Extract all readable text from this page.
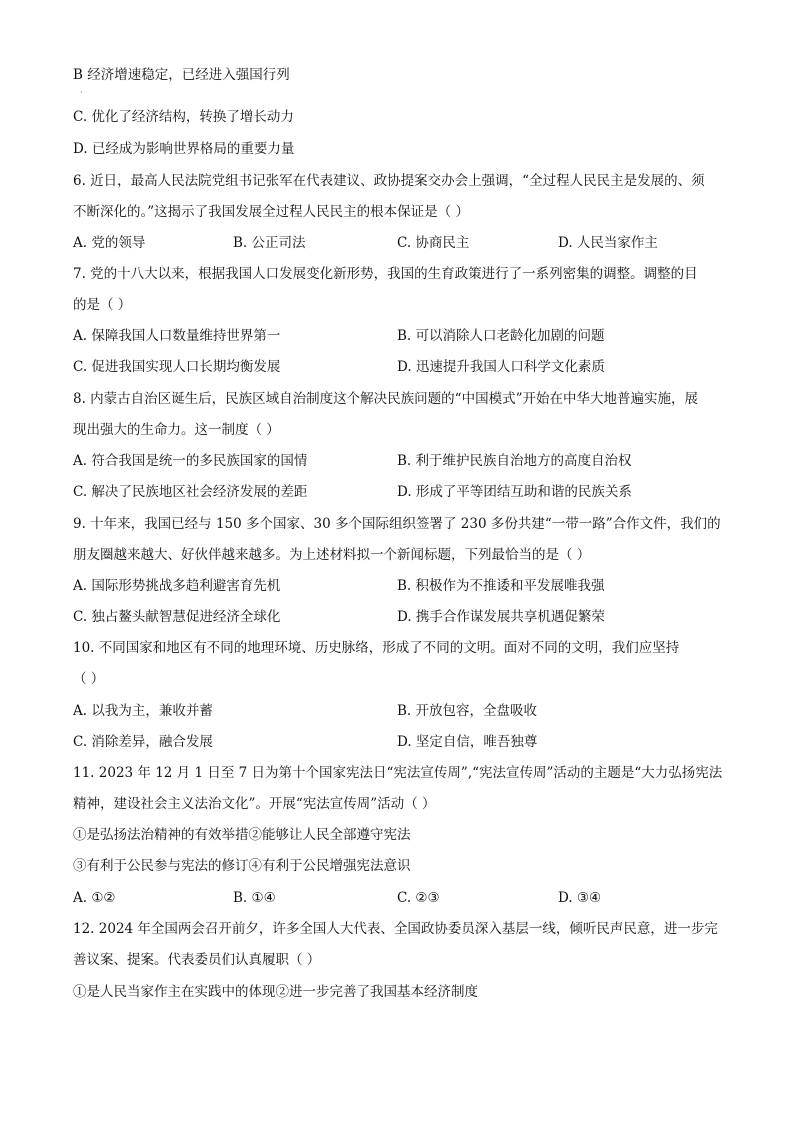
B 经济增速稳定，已经进入强国行列
·
C. 优化了经济结构，转换了增长动力
D. 已经成为影响世界格局的重要力量
6. 近日，最高人民法院党组书记张军在代表建议、政协提案交办会上强调，“全过程人民民主是发展的、须
不断深化的。”这揭示了我国发展全过程人民民主的根本保证是（ ）
A. 党的领导	B. 公正司法	C. 协商民主	D. 人民当家作主
7. 党的十八大以来，根据我国人口发展变化新形势，我国的生育政策进行了一系列密集的调整。调整的目
的是（ ）
A. 保障我国人口数量维持世界第一	B. 可以消除人口老龄化加剧的问题
C. 促进我国实现人口长期均衡发展	D. 迅速提升我国人口科学文化素质
8. 内蒙古自治区诞生后，民族区域自治制度这个解决民族问题的“中国模式”开始在中华大地普遍实施，展
现出强大的生命力。这一制度（ ）
A. 符合我国是统一的多民族国家的国情	B. 利于维护民族自治地方的高度自治权
C. 解决了民族地区社会经济发展的差距	D. 形成了平等团结互助和谐的民族关系
9. 十年来，我国已经与 150 多个国家、30 多个国际组织签署了 230 多份共建“一带一路”合作文件，我们的
朋友圈越来越大、好伙伴越来越多。为上述材料拟一个新闻标题，下列最恰当的是（ ）
A. 国际形势挑战多趋利避害育先机	B. 积极作为不推诿和平发展唯我强
C. 独占鳌头献智慧促进经济全球化	D. 携手合作谋发展共享机遇促繁荣
10. 不同国家和地区有不同的地理环境、历史脉络，形成了不同的文明。面对不同的文明，我们应坚持
（ ）
A. 以我为主，兼收并蓄	B. 开放包容，全盘吸收
C. 消除差异，融合发展	D. 坚定自信，唯吾独尊
11. 2023 年 12 月 1 日至 7 日为第十个国家宪法日“宪法宣传周”,“宪法宣传周”活动的主题是“大力弘扬宪法
精神，建设社会主义法治文化”。开展“宪法宣传周”活动（ ）
①是弘扬法治精神的有效举措②能够让人民全部遵守宪法
③有利于公民参与宪法的修订④有利于公民增强宪法意识
A. ①②	B. ①④	C. ②③	D. ③④
12. 2024 年全国两会召开前夕，许多全国人大代表、全国政协委员深入基层一线，倾听民声民意，进一步完
善议案、提案。代表委员们认真履职（ ）
①是人民当家作主在实践中的体现②进一步完善了我国基本经济制度
